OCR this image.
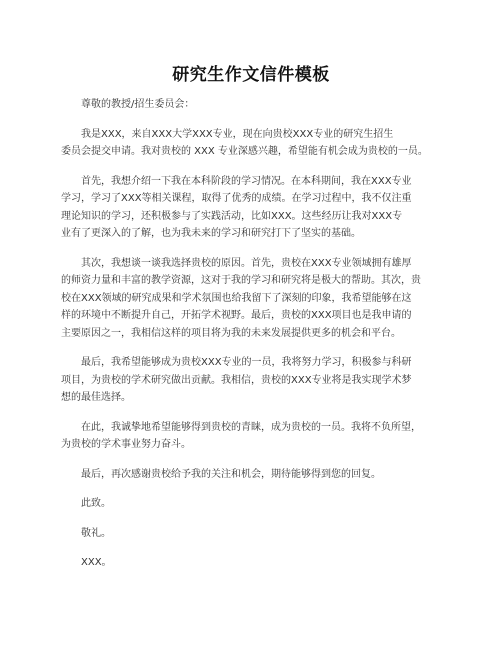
研究生作文信件模板
尊敬的教授/招生委员会：
我是XXX，来自XXX大学XXX专业，现在向贵校XXX专业的研究生招生
委员会提交申请。我对贵校的 XXX 专业深感兴趣，希望能有机会成为贵校的一员。
首先，我想介绍一下我在本科阶段的学习情况。在本科期间，我在XXX专业
学习，学习了XXX等相关课程，取得了优秀的成绩。在学习过程中，我不仅注重
理论知识的学习，还积极参与了实践活动，比如XXX。这些经历让我对XXX专
业有了更深入的了解，也为我未来的学习和研究打下了坚实的基础。
其次，我想谈一谈我选择贵校的原因。首先，贵校在XXX专业领域拥有雄厚
的师资力量和丰富的教学资源，这对于我的学习和研究将是极大的帮助。其次，贵
校在XXX领域的研究成果和学术氛围也给我留下了深刻的印象，我希望能够在这
样的环境中不断提升自己，开拓学术视野。最后，贵校的XXX项目也是我申请的
主要原因之一，我相信这样的项目将为我的未来发展提供更多的机会和平台。
最后，我希望能够成为贵校XXX专业的一员，我将努力学习，积极参与科研
项目，为贵校的学术研究做出贡献。我相信，贵校的XXX专业将是我实现学术梦
想的最佳选择。
在此，我诚挚地希望能够得到贵校的青睐，成为贵校的一员。我将不负所望，
为贵校的学术事业努力奋斗。
最后，再次感谢贵校给予我的关注和机会，期待能够得到您的回复。
此致。
敬礼。
XXX。
